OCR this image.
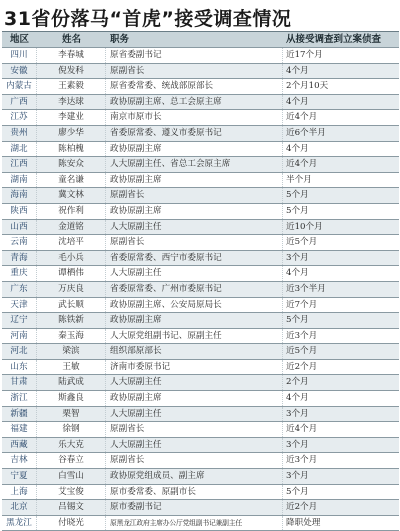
31省份落马“首虎”接受调查情况
地区	姓名	职务	从接受调查到立案侦查
四川	李春城	原省委副书记	近17个月
安徽	倪发科	原副省长	4个月
内蒙古	王素毅	原省委常委、统战部原部长	2个月10天
广西	李达球	政协原副主席、总工会原主席	4个月
江苏	李建业	南京市原市长	近4个月
贵州	廖少华	省委原常委、遵义市委原书记	近6个半月
湖北	陈柏槐	政协原副主席	4个月
江西	陈安众	人大原副主任、省总工会原主席	近4个月
湖南	童名谦	政协原副主席	半个月
海南	冀文林	原副省长	5个月
陕西	祝作利	政协原副主席	5个月
山西	金道铭	人大原副主任	近10个月
云南	沈培平	原副省长	近5个月
青海	毛小兵	省委原常委、西宁市委原书记	3个月
重庆	谭栖伟	人大原副主任	4个月
广东	万庆良	省委原常委、广州市委原书记	近3个半月
天津	武长顺	政协原副主席、公安局原局长	近7个月
辽宁	陈铁新	政协原副主席	5个月
河南	秦玉海	人大原党组副书记、原副主任	近3个月
河北	梁滨	组织部原部长	近5个月
山东	王敏	济南市委原书记	近2个月
甘肃	陆武成	人大原副主任	2个月
浙江	斯鑫良	政协原副主席	4个月
新疆	栗智	人大原副主任	3个月
福建	徐钢	原副省长	近4个月
西藏	乐大克	人大原副主任	3个月
吉林	谷春立	原副省长	近3个月
宁夏	白雪山	政协原党组成员、副主席	3个月
上海	艾宝俊	原市委常委、原副市长	5个月
北京	吕锡文	原市委副书记	近2个月
黑龙江	付晓光	原黑龙江政府主席办公厅党组副书记兼副主任	降职处理
